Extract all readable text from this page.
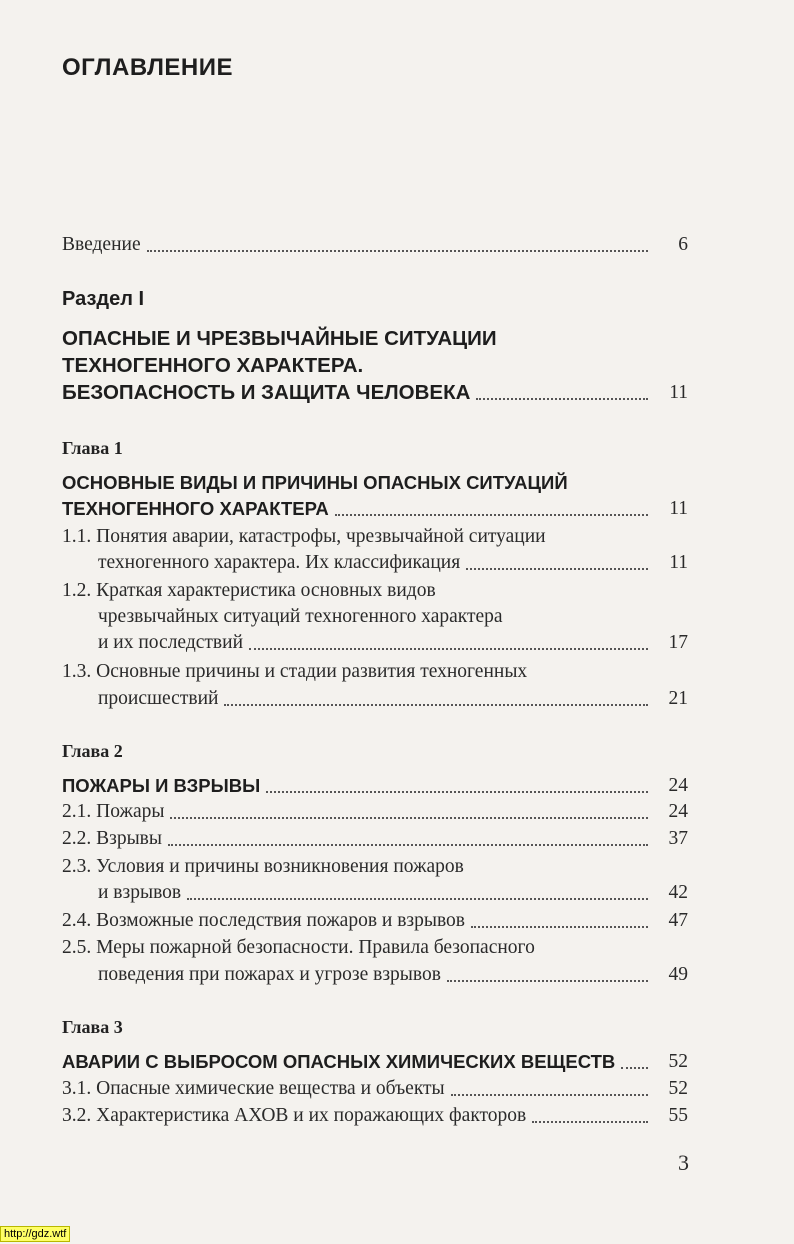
ОГЛАВЛЕНИЕ
Введение	6
Раздел I
ОПАСНЫЕ И ЧРЕЗВЫЧАЙНЫЕ СИТУАЦИИ
ТЕХНОГЕННОГО ХАРАКТЕРА.
БЕЗОПАСНОСТЬ И ЗАЩИТА ЧЕЛОВЕКА	11
Глава 1
ОСНОВНЫЕ ВИДЫ И ПРИЧИНЫ ОПАСНЫХ СИТУАЦИЙ
ТЕХНОГЕННОГО ХАРАКТЕРА	11
1.1. Понятия аварии, катастрофы, чрезвычайной ситуации
техногенного характера. Их классификация	11
1.2. Краткая характеристика основных видов
чрезвычайных ситуаций техногенного характера
и их последствий	17
1.3. Основные причины и стадии развития техногенных
происшествий	21
Глава 2
ПОЖАРЫ И ВЗРЫВЫ	24
2.1. Пожары	24
2.2. Взрывы	37
2.3. Условия и причины возникновения пожаров
и взрывов	42
2.4. Возможные последствия пожаров и взрывов	47
2.5. Меры пожарной безопасности. Правила безопасного
поведения при пожарах и угрозе взрывов	49
Глава 3
АВАРИИ С ВЫБРОСОМ ОПАСНЫХ ХИМИЧЕСКИХ ВЕЩЕСТВ	52
3.1. Опасные химические вещества и объекты	52
3.2. Характеристика АХОВ и их поражающих факторов	55
3
http://gdz.wtf
